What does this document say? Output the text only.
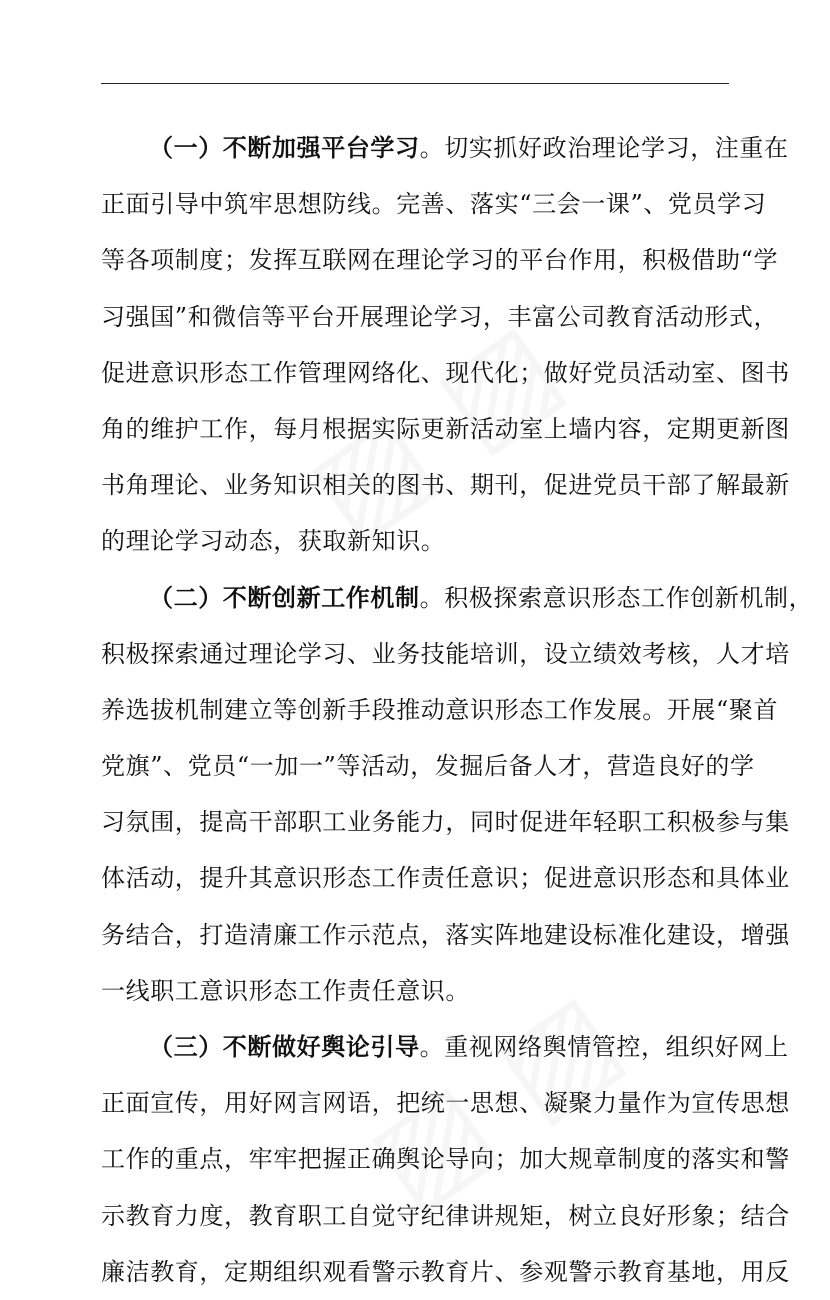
（一）不断加强平台学习。切实抓好政治理论学习，注重在
正面引导中筑牢思想防线。完善、落实“三会一课”、党员学习
等各项制度；发挥互联网在理论学习的平台作用，积极借助“学
习强国”和微信等平台开展理论学习，丰富公司教育活动形式，
促进意识形态工作管理网络化、现代化；做好党员活动室、图书
角的维护工作，每月根据实际更新活动室上墙内容，定期更新图
书角理论、业务知识相关的图书、期刊，促进党员干部了解最新
的理论学习动态，获取新知识。
（二）不断创新工作机制。积极探索意识形态工作创新机制，
积极探索通过理论学习、业务技能培训，设立绩效考核，人才培
养选拔机制建立等创新手段推动意识形态工作发展。开展“聚首
党旗”、党员“一加一”等活动，发掘后备人才，营造良好的学
习氛围，提高干部职工业务能力，同时促进年轻职工积极参与集
体活动，提升其意识形态工作责任意识；促进意识形态和具体业
务结合，打造清廉工作示范点，落实阵地建设标准化建设，增强
一线职工意识形态工作责任意识。
（三）不断做好舆论引导。重视网络舆情管控，组织好网上
正面宣传，用好网言网语，把统一思想、凝聚力量作为宣传思想
工作的重点，牢牢把握正确舆论导向；加大规章制度的落实和警
示教育力度，教育职工自觉守纪律讲规矩，树立良好形象；结合
廉洁教育，定期组织观看警示教育片、参观警示教育基地，用反
